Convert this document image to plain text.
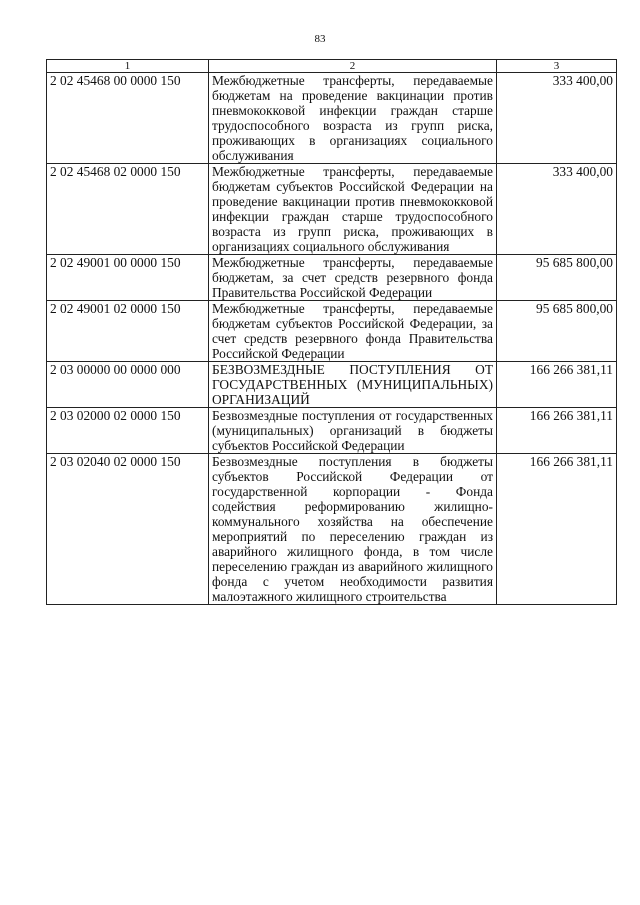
83
1	2	3
2 02 45468 00 0000 150	Межбюджетные трансферты, передаваемые бюджетам на проведение вакцинации против пневмококковой инфекции граждан старше трудоспособного возраста из групп риска, проживающих в организациях социального обслуживания	333 400,00
2 02 45468 02 0000 150	Межбюджетные трансферты, передаваемые бюджетам субъектов Российской Федерации на проведение вакцинации против пневмококковой инфекции граждан старше трудоспособного возраста из групп риска, проживающих в организациях социального обслуживания	333 400,00
2 02 49001 00 0000 150	Межбюджетные трансферты, передаваемые бюджетам, за счет средств резервного фонда Правительства Российской Федерации	95 685 800,00
2 02 49001 02 0000 150	Межбюджетные трансферты, передаваемые бюджетам субъектов Российской Федерации, за счет средств резервного фонда Правительства Российской Федерации	95 685 800,00
2 03 00000 00 0000 000	БЕЗВОЗМЕЗДНЫЕ ПОСТУПЛЕНИЯ ОТ ГОСУДАРСТВЕННЫХ (МУНИЦИПАЛЬНЫХ) ОРГАНИЗАЦИЙ	166 266 381,11
2 03 02000 02 0000 150	Безвозмездные поступления от государственных (муниципальных) организаций в бюджеты субъектов Российской Федерации	166 266 381,11
2 03 02040 02 0000 150	Безвозмездные поступления в бюджеты субъектов Российской Федерации от государственной корпорации - Фонда содействия реформированию жилищно-коммунального хозяйства на обеспечение мероприятий по переселению граждан из аварийного жилищного фонда, в том числе переселению граждан из аварийного жилищного фонда с учетом необходимости развития малоэтажного жилищного строительства	166 266 381,11
